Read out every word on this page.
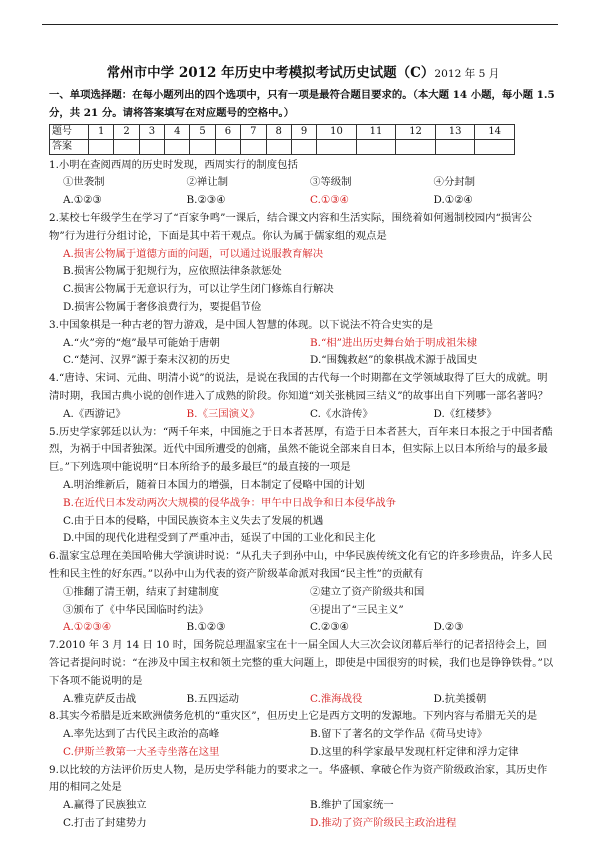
常州市中学 2012 年历史中考模拟考试历史试题（C）2012 年 5 月
一、单项选择题：在每小题列出的四个选项中，只有一项是最符合题目要求的。（本大题 14 小题，每小题 1.5 分，共 21 分。请将答案填写在对应题号的空格中。）
题号	1	2	3	4	5	6	7	8	9	10	11	12	13	14
答案														
1.小明在查阅西周的历史时发现，西周实行的制度包括
①世袭制	②禅让制	③等级制	④分封制
A.①②③	B.②③④	C.①③④	D.①②④
2.某校七年级学生在学习了“百家争鸣”一课后，结合课文内容和生活实际，围绕着如何遏制校园内“损害公物”行为进行分组讨论，下面是其中若干观点。你认为属于儒家组的观点是
A.损害公物属于道德方面的问题，可以通过说服教育解决
B.损害公物属于犯规行为，应依照法律条款惩处
C.损害公物属于无意识行为，可以让学生闭门修炼自行解决
D.损害公物属于奢侈浪费行为，要提倡节俭
3.中国象棋是一种古老的智力游戏，是中国人智慧的体现。以下说法不符合史实的是
A.“火”旁的“炮”最早可能始于唐朝	B.“相”进出历史舞台始于明成祖朱棣
C.“楚河、汉界”源于秦末汉初的历史	D.“围魏救赵”的象棋战术源于战国史
4.“唐诗、宋词、元曲、明清小说”的说法，是说在我国的古代每一个时期都在文学领域取得了巨大的成就。明清时期，我国古典小说的创作进入了成熟的阶段。你知道“刘关张桃园三结义”的故事出自下列哪一部名著吗？
A.《西游记》	B.《三国演义》	C.《水浒传》	D.《红楼梦》
5.历史学家郭廷以认为：“两千年来，中国施之于日本者甚厚，有造于日本者甚大，百年来日本报之于中国者酷烈，为祸于中国者独深。近代中国所遭受的创痛，虽然不能说全部来自日本，但实际上以日本所给与的最多最巨。”下列选项中能说明“日本所给予的最多最巨”的最直接的一项是
A.明治维新后，随着日本国力的增强，日本制定了侵略中国的计划
B.在近代日本发动两次大规模的侵华战争：甲午中日战争和日本侵华战争
C.由于日本的侵略，中国民族资本主义失去了发展的机遇
D.中国的现代化进程受到了严重冲击，延误了中国的工业化和民主化
6.温家宝总理在美国哈佛大学演讲时说：“从孔夫子到孙中山，中华民族传统文化有它的许多珍贵品，许多人民性和民主性的好东西。”以孙中山为代表的资产阶级革命派对我国“民主性”的贡献有
①推翻了清王朝，结束了封建制度	②建立了资产阶级共和国
③颁布了《中华民国临时约法》	④提出了“三民主义”
A.①②③④	B.①②③	C.②③④	D.②③
7.2010 年 3 月 14 日 10 时，国务院总理温家宝在十一届全国人大三次会议闭幕后举行的记者招待会上，回答记者提问时说：“在涉及中国主权和领土完整的重大问题上，即使是中国很穷的时候，我们也是铮铮铁骨。”以下各项不能说明的是
A.雅克萨反击战	B.五四运动	C.淮海战役	D.抗美援朝
8.其实今希腊是近来欧洲债务危机的“重灾区”，但历史上它是西方文明的发源地。下列内容与希腊无关的是
A.率先达到了古代民主政治的高峰	B.留下了著名的文学作品《荷马史诗》
C.伊斯兰教第一大圣寺坐落在这里	D.这里的科学家最早发现杠杆定律和浮力定律
9.以比较的方法评价历史人物，是历史学科能力的要求之一。华盛顿、拿破仑作为资产阶级政治家，其历史作用的相同之处是
A.赢得了民族独立	B.维护了国家统一
C.打击了封建势力	D.推动了资产阶级民主政治进程
